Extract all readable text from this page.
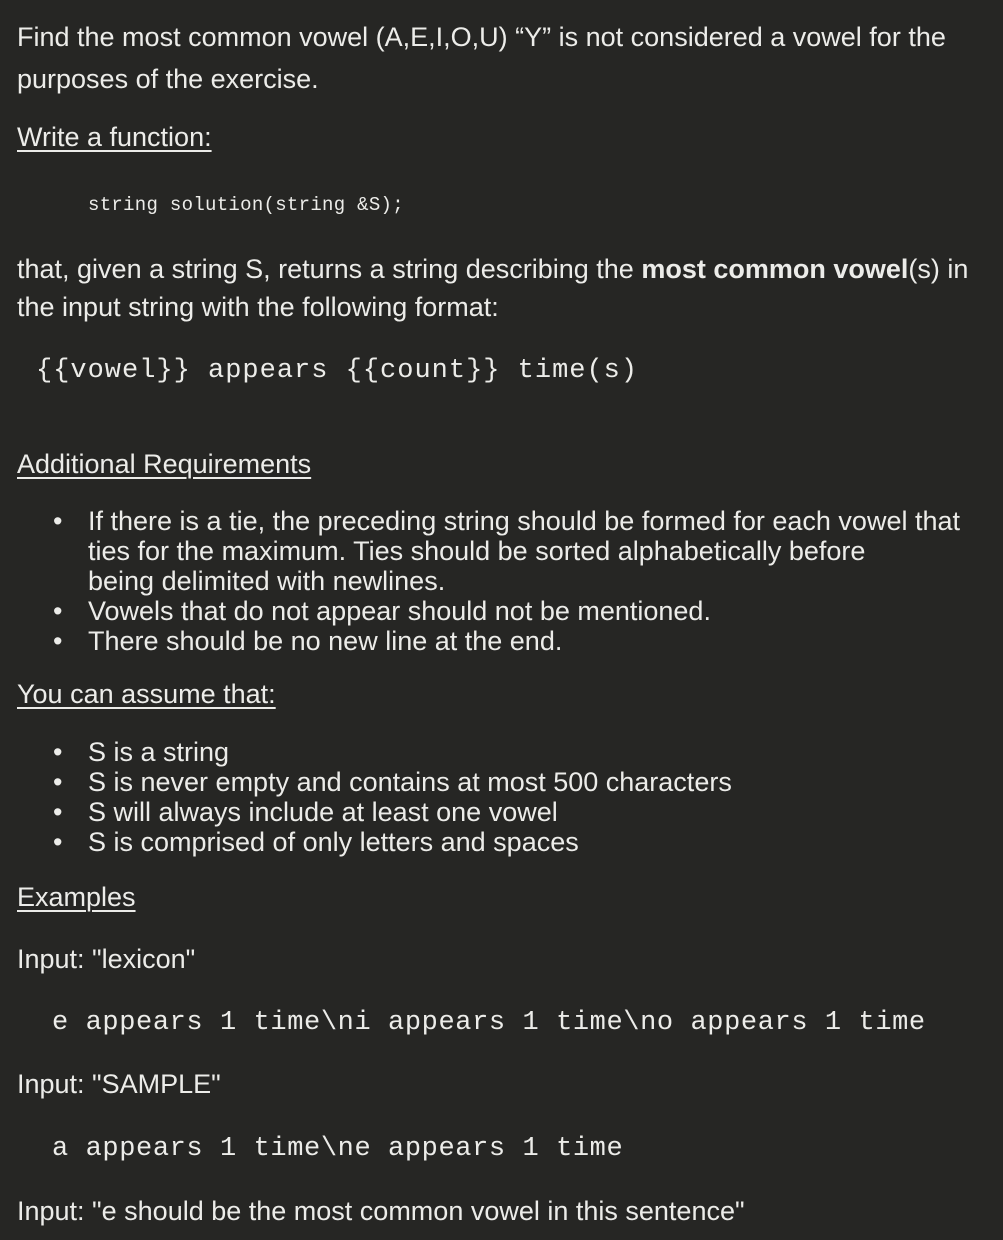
Find the most common vowel (A,E,I,O,U) “Y” is not considered a vowel for the
purposes of the exercise.
Write a function:
string solution(string &S);
that, given a string S, returns a string describing the most common vowel(s) in
the input string with the following format:
{{vowel}} appears {{count}} time(s)
Additional Requirements
• If there is a tie, the preceding string should be formed for each vowel that
ties for the maximum. Ties should be sorted alphabetically before
being delimited with newlines.
• Vowels that do not appear should not be mentioned.
• There should be no new line at the end.
You can assume that:
• S is a string
• S is never empty and contains at most 500 characters
• S will always include at least one vowel
• S is comprised of only letters and spaces
Examples
Input: "lexicon"
e appears 1 time\ni appears 1 time\no appears 1 time
Input: "SAMPLE"
a appears 1 time\ne appears 1 time
Input: "e should be the most common vowel in this sentence"
